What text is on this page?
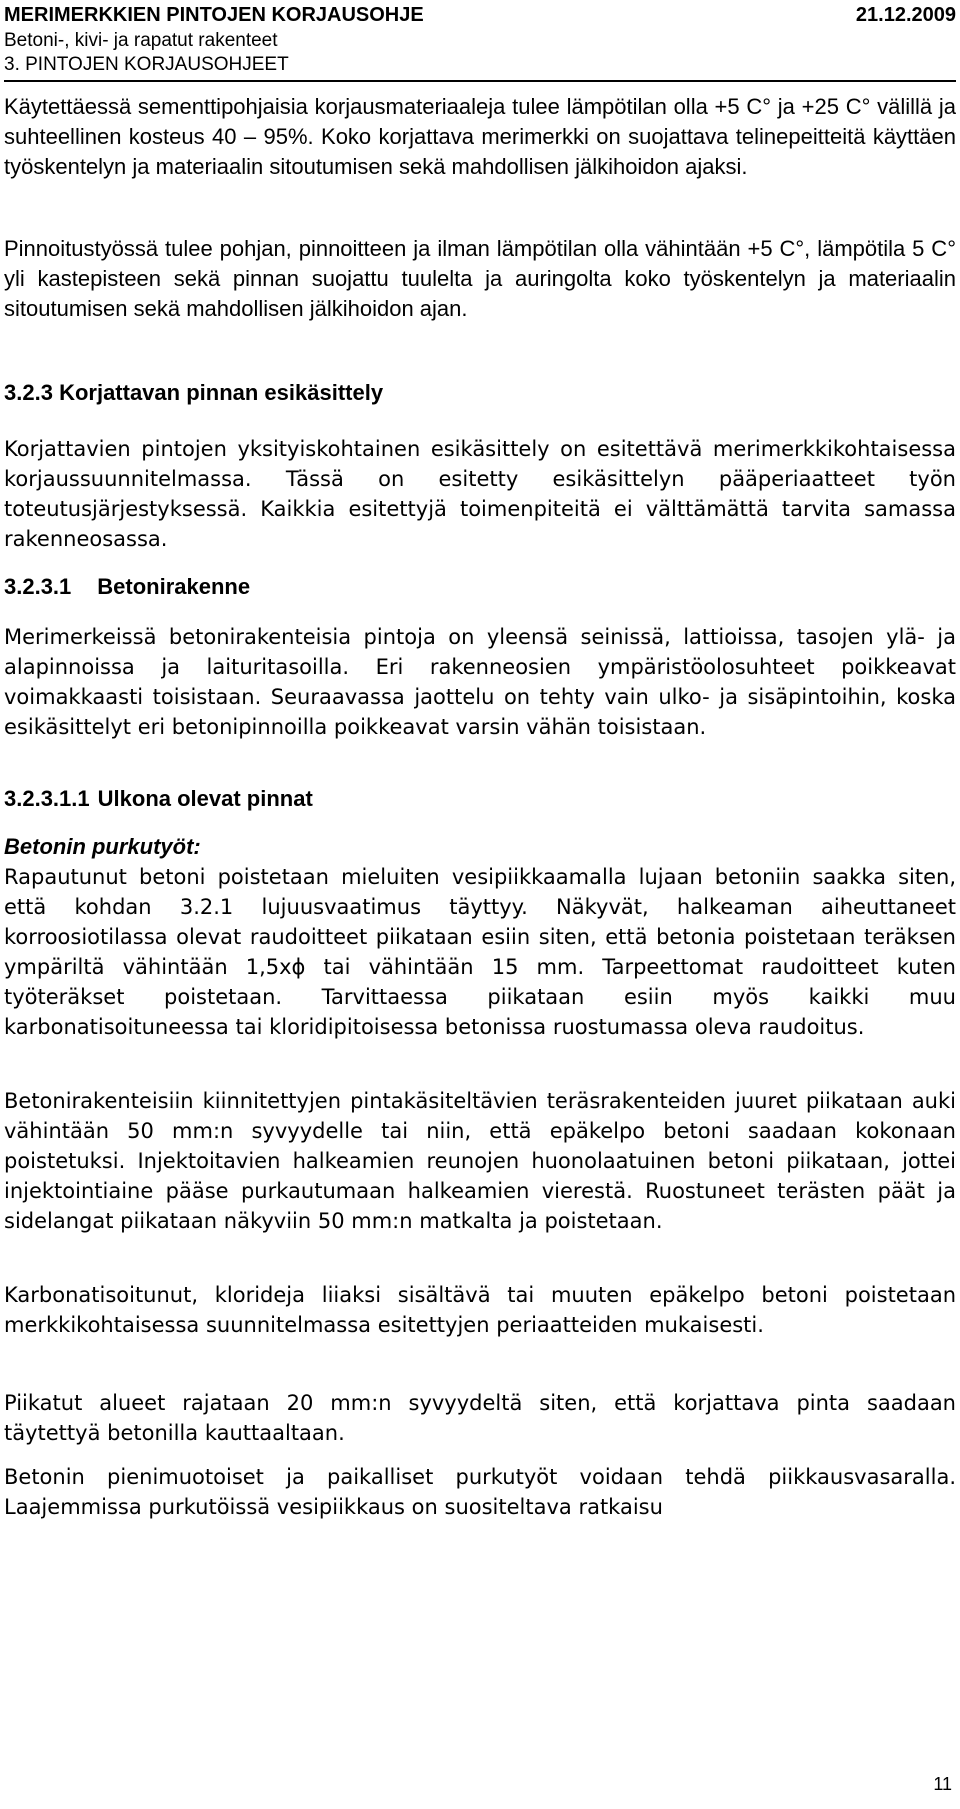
MERIMERKKIEN PINTOJEN KORJAUSOHJE	21.12.2009
Betoni-, kivi- ja rapatut rakenteet
3. PINTOJEN KORJAUSOHJEET

Käytettäessä sementtipohjaisia korjausmateriaaleja tulee lämpötilan olla +5 C° ja +25 C° välillä ja suhteellinen kosteus 40 – 95%. Koko korjattava merimerkki on suojattava telinepeitteitä käyttäen työskentelyn ja materiaalin sitoutumisen sekä mahdollisen jälkihoidon ajaksi.

Pinnoitustyössä tulee pohjan, pinnoitteen ja ilman lämpötilan olla vähintään +5 C°, lämpötila 5 C° yli kastepisteen sekä pinnan suojattu tuulelta ja auringolta koko työskentelyn ja materiaalin sitoutumisen sekä mahdollisen jälkihoidon ajan.

3.2.3 Korjattavan pinnan esikäsittely

Korjattavien pintojen yksityiskohtainen esikäsittely on esitettävä merimerkkikohtaisessa korjaussuunnitelmassa. Tässä on esitetty esikäsittelyn pääperiaatteet työn toteutusjärjestyksessä. Kaikkia esitettyjä toimenpiteitä ei välttämättä tarvita samassa rakenneosassa.

3.2.3.1 Betonirakenne

Merimerkeissä betonirakenteisia pintoja on yleensä seinissä, lattioissa, tasojen ylä- ja alapinnoissa ja laituritasoilla. Eri rakenneosien ympäristöolosuhteet poikkeavat voimakkaasti toisistaan. Seuraavassa jaottelu on tehty vain ulko- ja sisäpintoihin, koska esikäsittelyt eri betonipinnoilla poikkeavat varsin vähän toisistaan.

3.2.3.1.1 Ulkona olevat pinnat
Betonin purkutyöt:

Rapautunut betoni poistetaan mieluiten vesipiikkaamalla lujaan betoniin saakka siten, että kohdan 3.2.1 lujuusvaatimus täyttyy. Näkyvät, halkeaman aiheuttaneet korroosiotilassa olevat raudoitteet piikataan esiin siten, että betonia poistetaan teräksen ympäriltä vähintään 1,5xϕ tai vähintään 15 mm. Tarpeettomat raudoitteet kuten työteräkset poistetaan. Tarvittaessa piikataan esiin myös kaikki muu karbonatisoituneessa tai kloridipitoisessa betonissa ruostumassa oleva raudoitus.

Betonirakenteisiin kiinnitettyjen pintakäsiteltävien teräsrakenteiden juuret piikataan auki vähintään 50 mm:n syvyydelle tai niin, että epäkelpo betoni saadaan kokonaan poistetuksi. Injektoitavien halkeamien reunojen huonolaatuinen betoni piikataan, jottei injektointiaine pääse purkautumaan halkeamien vierestä. Ruostuneet terästen päät ja sidelangat piikataan näkyviin 50 mm:n matkalta ja poistetaan.

Karbonatisoitunut, kloridеja liiaksi sisältävä tai muuten epäkelpo betoni poistetaan merkkikohtaisessa suunnitelmassa esitettyjen periaatteiden mukaisesti.

Piikatut alueet rajataan 20 mm:n syvyydeltä siten, että korjattava pinta saadaan täytettyä betonilla kauttaaltaan.

Betonin pienimuotoiset ja paikalliset purkutyöt voidaan tehdä piikkausvasaralla. Laajemmissa purkutöissä vesipiikkaus on suositeltava ratkaisu

11
